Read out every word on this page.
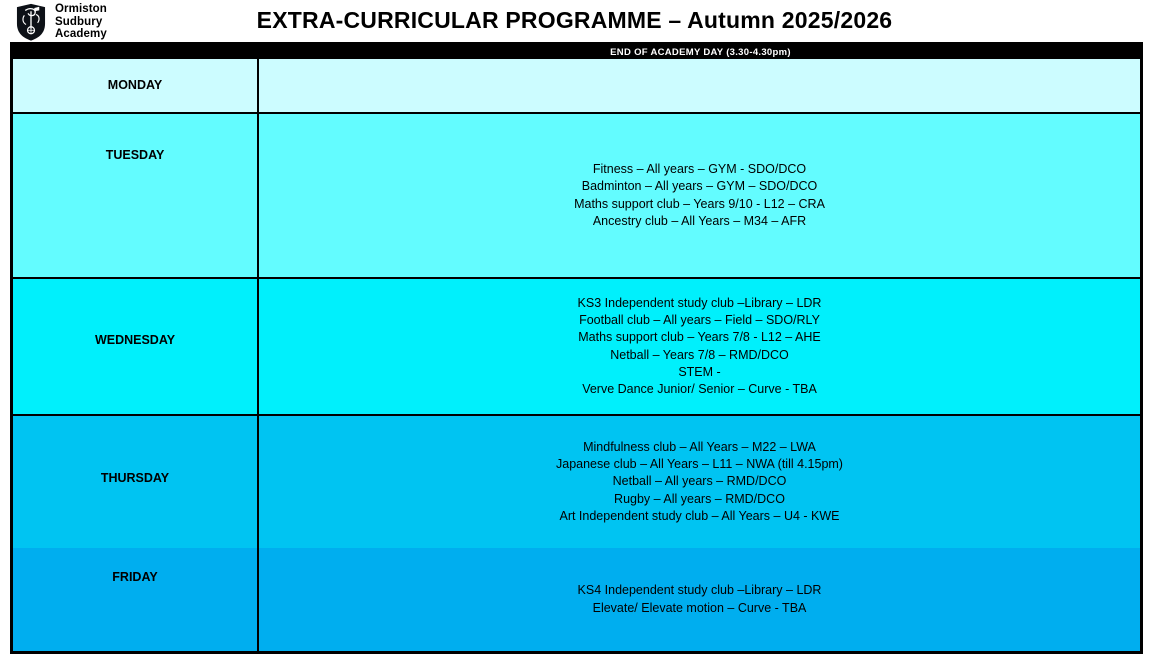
Ormiston
Sudbury
Academy
EXTRA-CURRICULAR PROGRAMME – Autumn 2025/2026
END OF ACADEMY DAY (3.30-4.30pm)
MONDAY
TUESDAY
Fitness – All years – GYM - SDO/DCO
Badminton – All years – GYM – SDO/DCO
Maths support club – Years 9/10 - L12 – CRA
Ancestry club – All Years – M34 – AFR
WEDNESDAY
KS3 Independent study club –Library – LDR
Football club – All years – Field – SDO/RLY
Maths support club – Years 7/8 - L12 – AHE
Netball – Years 7/8 – RMD/DCO
STEM -
Verve Dance Junior/ Senior – Curve - TBA
THURSDAY
Mindfulness club – All Years – M22 – LWA
Japanese club – All Years – L11 – NWA (till 4.15pm)
Netball – All years – RMD/DCO
Rugby – All years – RMD/DCO
Art Independent study club – All Years – U4 - KWE
FRIDAY
KS4 Independent study club –Library – LDR
Elevate/ Elevate motion – Curve - TBA
